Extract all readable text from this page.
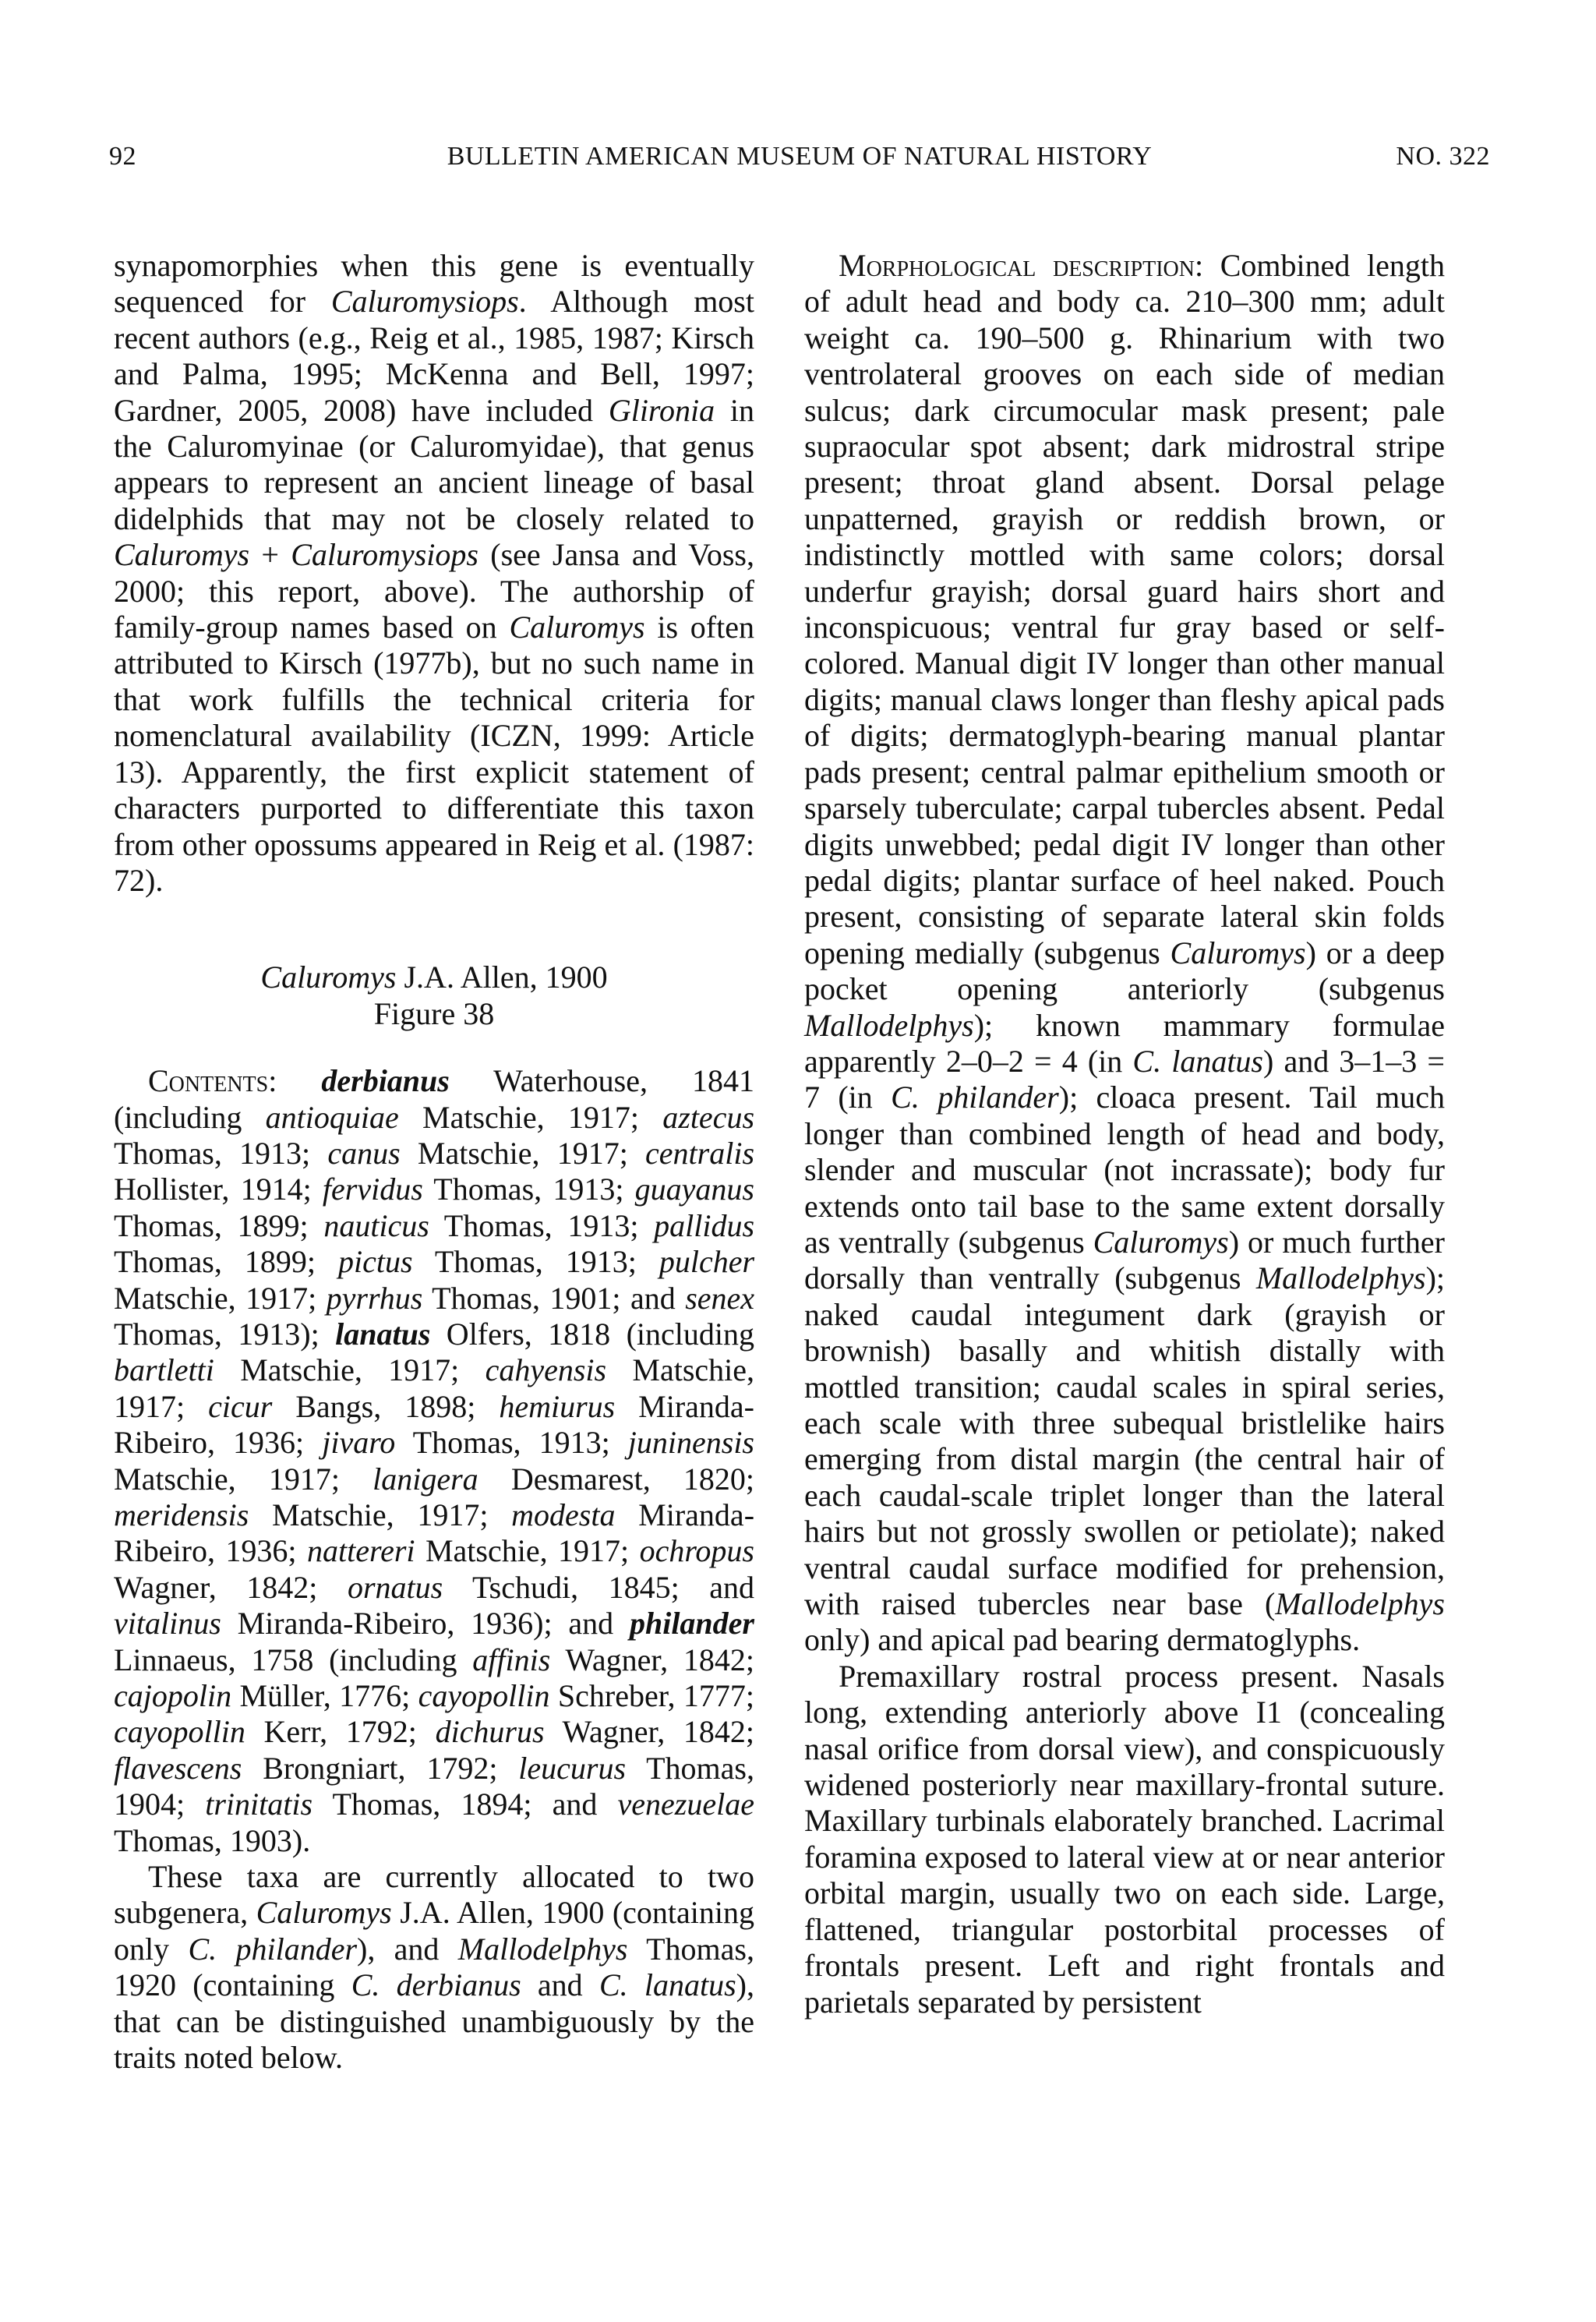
92	BULLETIN AMERICAN MUSEUM OF NATURAL HISTORY	NO. 322

synapomorphies when this gene is eventually sequenced for Caluromysiops. Although most recent authors (e.g., Reig et al., 1985, 1987; Kirsch and Palma, 1995; McKenna and Bell, 1997; Gardner, 2005, 2008) have included Glironia in the Caluromyinae (or Caluromyidae), that genus appears to represent an ancient lineage of basal didelphids that may not be closely related to Caluromys + Caluromysiops (see Jansa and Voss, 2000; this report, above). The authorship of family-group names based on Caluromys is often attributed to Kirsch (1977b), but no such name in that work fulfills the technical criteria for nomenclatural availability (ICZN, 1999: Article 13). Apparently, the first explicit statement of characters purported to differentiate this taxon from other opossums appeared in Reig et al. (1987: 72).

Caluromys J.A. Allen, 1900
Figure 38

Contents: derbianus Waterhouse, 1841 (including antioquiae Matschie, 1917; aztecus Thomas, 1913; canus Matschie, 1917; centralis Hollister, 1914; fervidus Thomas, 1913; guayanus Thomas, 1899; nauticus Thomas, 1913; pallidus Thomas, 1899; pictus Thomas, 1913; pulcher Matschie, 1917; pyrrhus Thomas, 1901; and senex Thomas, 1913); lanatus Olfers, 1818 (including bartletti Matschie, 1917; cahyensis Matschie, 1917; cicur Bangs, 1898; hemiurus Miranda-Ribeiro, 1936; jivaro Thomas, 1913; juninensis Matschie, 1917; lanigera Desmarest, 1820; meridensis Matschie, 1917; modesta Miranda-Ribeiro, 1936; nattereri Matschie, 1917; ochropus Wagner, 1842; ornatus Tschudi, 1845; and vitalinus Miranda-Ribeiro, 1936); and philander Linnaeus, 1758 (including affinis Wagner, 1842; cajopolin Müller, 1776; cayopollin Schreber, 1777; cayopollin Kerr, 1792; dichurus Wagner, 1842; flavescens Brongniart, 1792; leucurus Thomas, 1904; trinitatis Thomas, 1894; and venezuelae Thomas, 1903).

These taxa are currently allocated to two subgenera, Caluromys J.A. Allen, 1900 (containing only C. philander), and Mallodelphys Thomas, 1920 (containing C. derbianus and C. lanatus), that can be distinguished unambiguously by the traits noted below.

Morphological description: Combined length of adult head and body ca. 210–300 mm; adult weight ca. 190–500 g. Rhinarium with two ventrolateral grooves on each side of median sulcus; dark circumocular mask present; pale supraocular spot absent; dark midrostral stripe present; throat gland absent. Dorsal pelage unpatterned, grayish or reddish brown, or indistinctly mottled with same colors; dorsal underfur grayish; dorsal guard hairs short and inconspicuous; ventral fur gray based or self-colored. Manual digit IV longer than other manual digits; manual claws longer than fleshy apical pads of digits; dermatoglyph-bearing manual plantar pads present; central palmar epithelium smooth or sparsely tuberculate; carpal tubercles absent. Pedal digits unwebbed; pedal digit IV longer than other pedal digits; plantar surface of heel naked. Pouch present, consisting of separate lateral skin folds opening medially (subgenus Caluromys) or a deep pocket opening anteriorly (subgenus Mallodelphys); known mammary formulae apparently 2–0–2 = 4 (in C. lanatus) and 3–1–3 = 7 (in C. philander); cloaca present. Tail much longer than combined length of head and body, slender and muscular (not incrassate); body fur extends onto tail base to the same extent dorsally as ventrally (subgenus Caluromys) or much further dorsally than ventrally (subgenus Mallodelphys); naked caudal integument dark (grayish or brownish) basally and whitish distally with mottled transition; caudal scales in spiral series, each scale with three subequal bristlelike hairs emerging from distal margin (the central hair of each caudal-scale triplet longer than the lateral hairs but not grossly swollen or petiolate); naked ventral caudal surface modified for prehension, with raised tubercles near base (Mallodelphys only) and apical pad bearing dermatoglyphs.

Premaxillary rostral process present. Nasals long, extending anteriorly above I1 (concealing nasal orifice from dorsal view), and conspicuously widened posteriorly near maxillary-frontal suture. Maxillary turbinals elaborately branched. Lacrimal foramina exposed to lateral view at or near anterior orbital margin, usually two on each side. Large, flattened, triangular postorbital processes of frontals present. Left and right frontals and parietals separated by persistent
